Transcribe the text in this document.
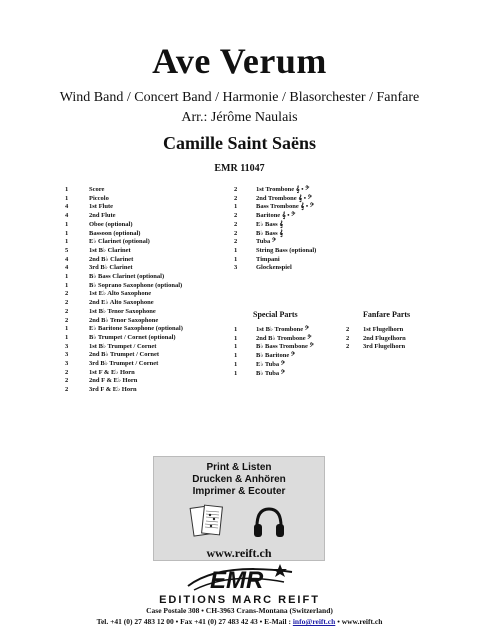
Ave Verum
Wind Band / Concert Band / Harmonie / Blasorchester / Fanfare
Arr.: Jérôme Naulais
Camille Saint Saëns
EMR 11047
1	Score
1	Piccolo
4	1st Flute
4	2nd Flute
1	Oboe (optional)
1	Bassoon (optional)
1	E♭ Clarinet (optional)
5	1st B♭ Clarinet
4	2nd B♭ Clarinet
4	3rd B♭ Clarinet
1	B♭ Bass Clarinet (optional)
1	B♭ Soprano Saxophone (optional)
2	1st E♭ Alto Saxophone
2	2nd E♭ Alto Saxophone
2	1st B♭ Tenor Saxophone
2	2nd B♭ Tenor Saxophone
1	E♭ Baritone Saxophone (optional)
1	B♭ Trumpet / Cornet (optional)
3	1st B♭ Trumpet / Cornet
3	2nd B♭ Trumpet / Cornet
3	3rd B♭ Trumpet / Cornet
2	1st F & E♭ Horn
2	2nd F & E♭ Horn
2	3rd F & E♭ Horn
2	1st Trombone 𝄞 • 𝄢
2	2nd Trombone 𝄞 • 𝄢
1	Bass Trombone 𝄞 • 𝄢
2	Baritone 𝄞 • 𝄢
2	E♭ Bass 𝄞
2	B♭ Bass 𝄞
2	Tuba 𝄢
1	String Bass (optional)
1	Timpani
3	Glockenspiel
Special Parts	Fanfare Parts
1	1st B♭ Trombone 𝄢
1	2nd B♭ Trombone 𝄢
1	B♭ Bass Trombone 𝄢
1	B♭ Baritone 𝄢
1	E♭ Tuba 𝄢
1	B♭ Tuba 𝄢
2	1st Flugelhorn
2	2nd Flugelhorn
2	3rd Flugelhorn
Print & Listen
Drucken & Anhören
Imprimer & Ecouter
www.reift.ch
EMR
EDITIONS MARC REIFT
Case Postale 308 • CH-3963 Crans-Montana (Switzerland)
Tel. +41 (0) 27 483 12 00 • Fax +41 (0) 27 483 42 43 • E-Mail : info@reift.ch • www.reift.ch
